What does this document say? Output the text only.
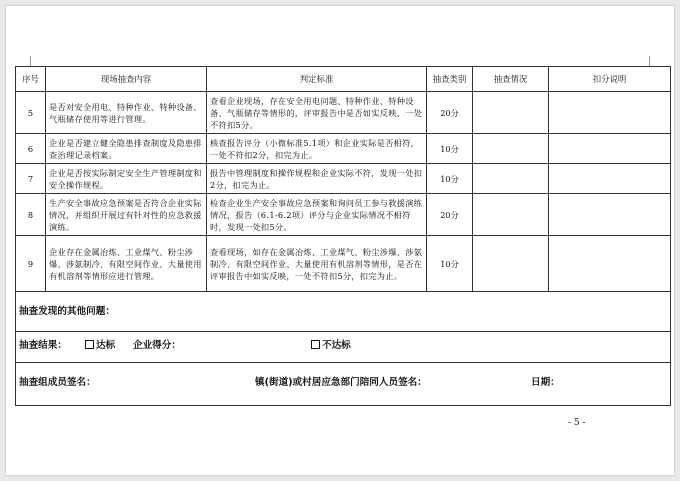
序号	现场抽查内容	判定标准	抽查类别	抽查情况	扣分说明
5	是否对安全用电、特种作业、特种设备、气瓶储存使用等进行管理。	查看企业现场，存在安全用电问题、特种作业、特种设备、气瓶储存等情形的，评审报告中是否如实反映，一处不符扣5分。	20分		
6	企业是否建立健全隐患排查制度及隐患排查治理记录档案。	核查报告评分（小微标准5.1项）和企业实际是否相符，一处不符扣2分，扣完为止。	10分		
7	企业是否按实际制定安全生产管理制度和安全操作规程。	报告中管理制度和操作规程和企业实际不符，发现一处扣2分，扣完为止。	10分		
8	生产安全事故应急预案是否符合企业实际情况，并组织开展过有针对性的应急救援演练。	检查企业生产安全事故应急预案和询问员工参与救援演练情况，报告（6.1-6.2项）评分与企业实际情况不相符时，发现一处扣5分。	20分		
9	企业存在金属冶炼、工业煤气、粉尘涉爆、涉氨制冷、有限空间作业、大量使用有机溶剂等情形应进行管理。	查看现场，如存在金属冶炼、工业煤气、粉尘涉爆、涉氨制冷、有限空间作业、大量使用有机溶剂等情形，是否在评审报告中如实反映，一处不符扣5分，扣完为止。	10分		
抽查发现的其他问题：					

抽查结果： 达标 企业得分： 不达标					

抽查组成员签名： 镇(街道)或村居应急部门陪同人员签名： 日期：					
- 5 -
